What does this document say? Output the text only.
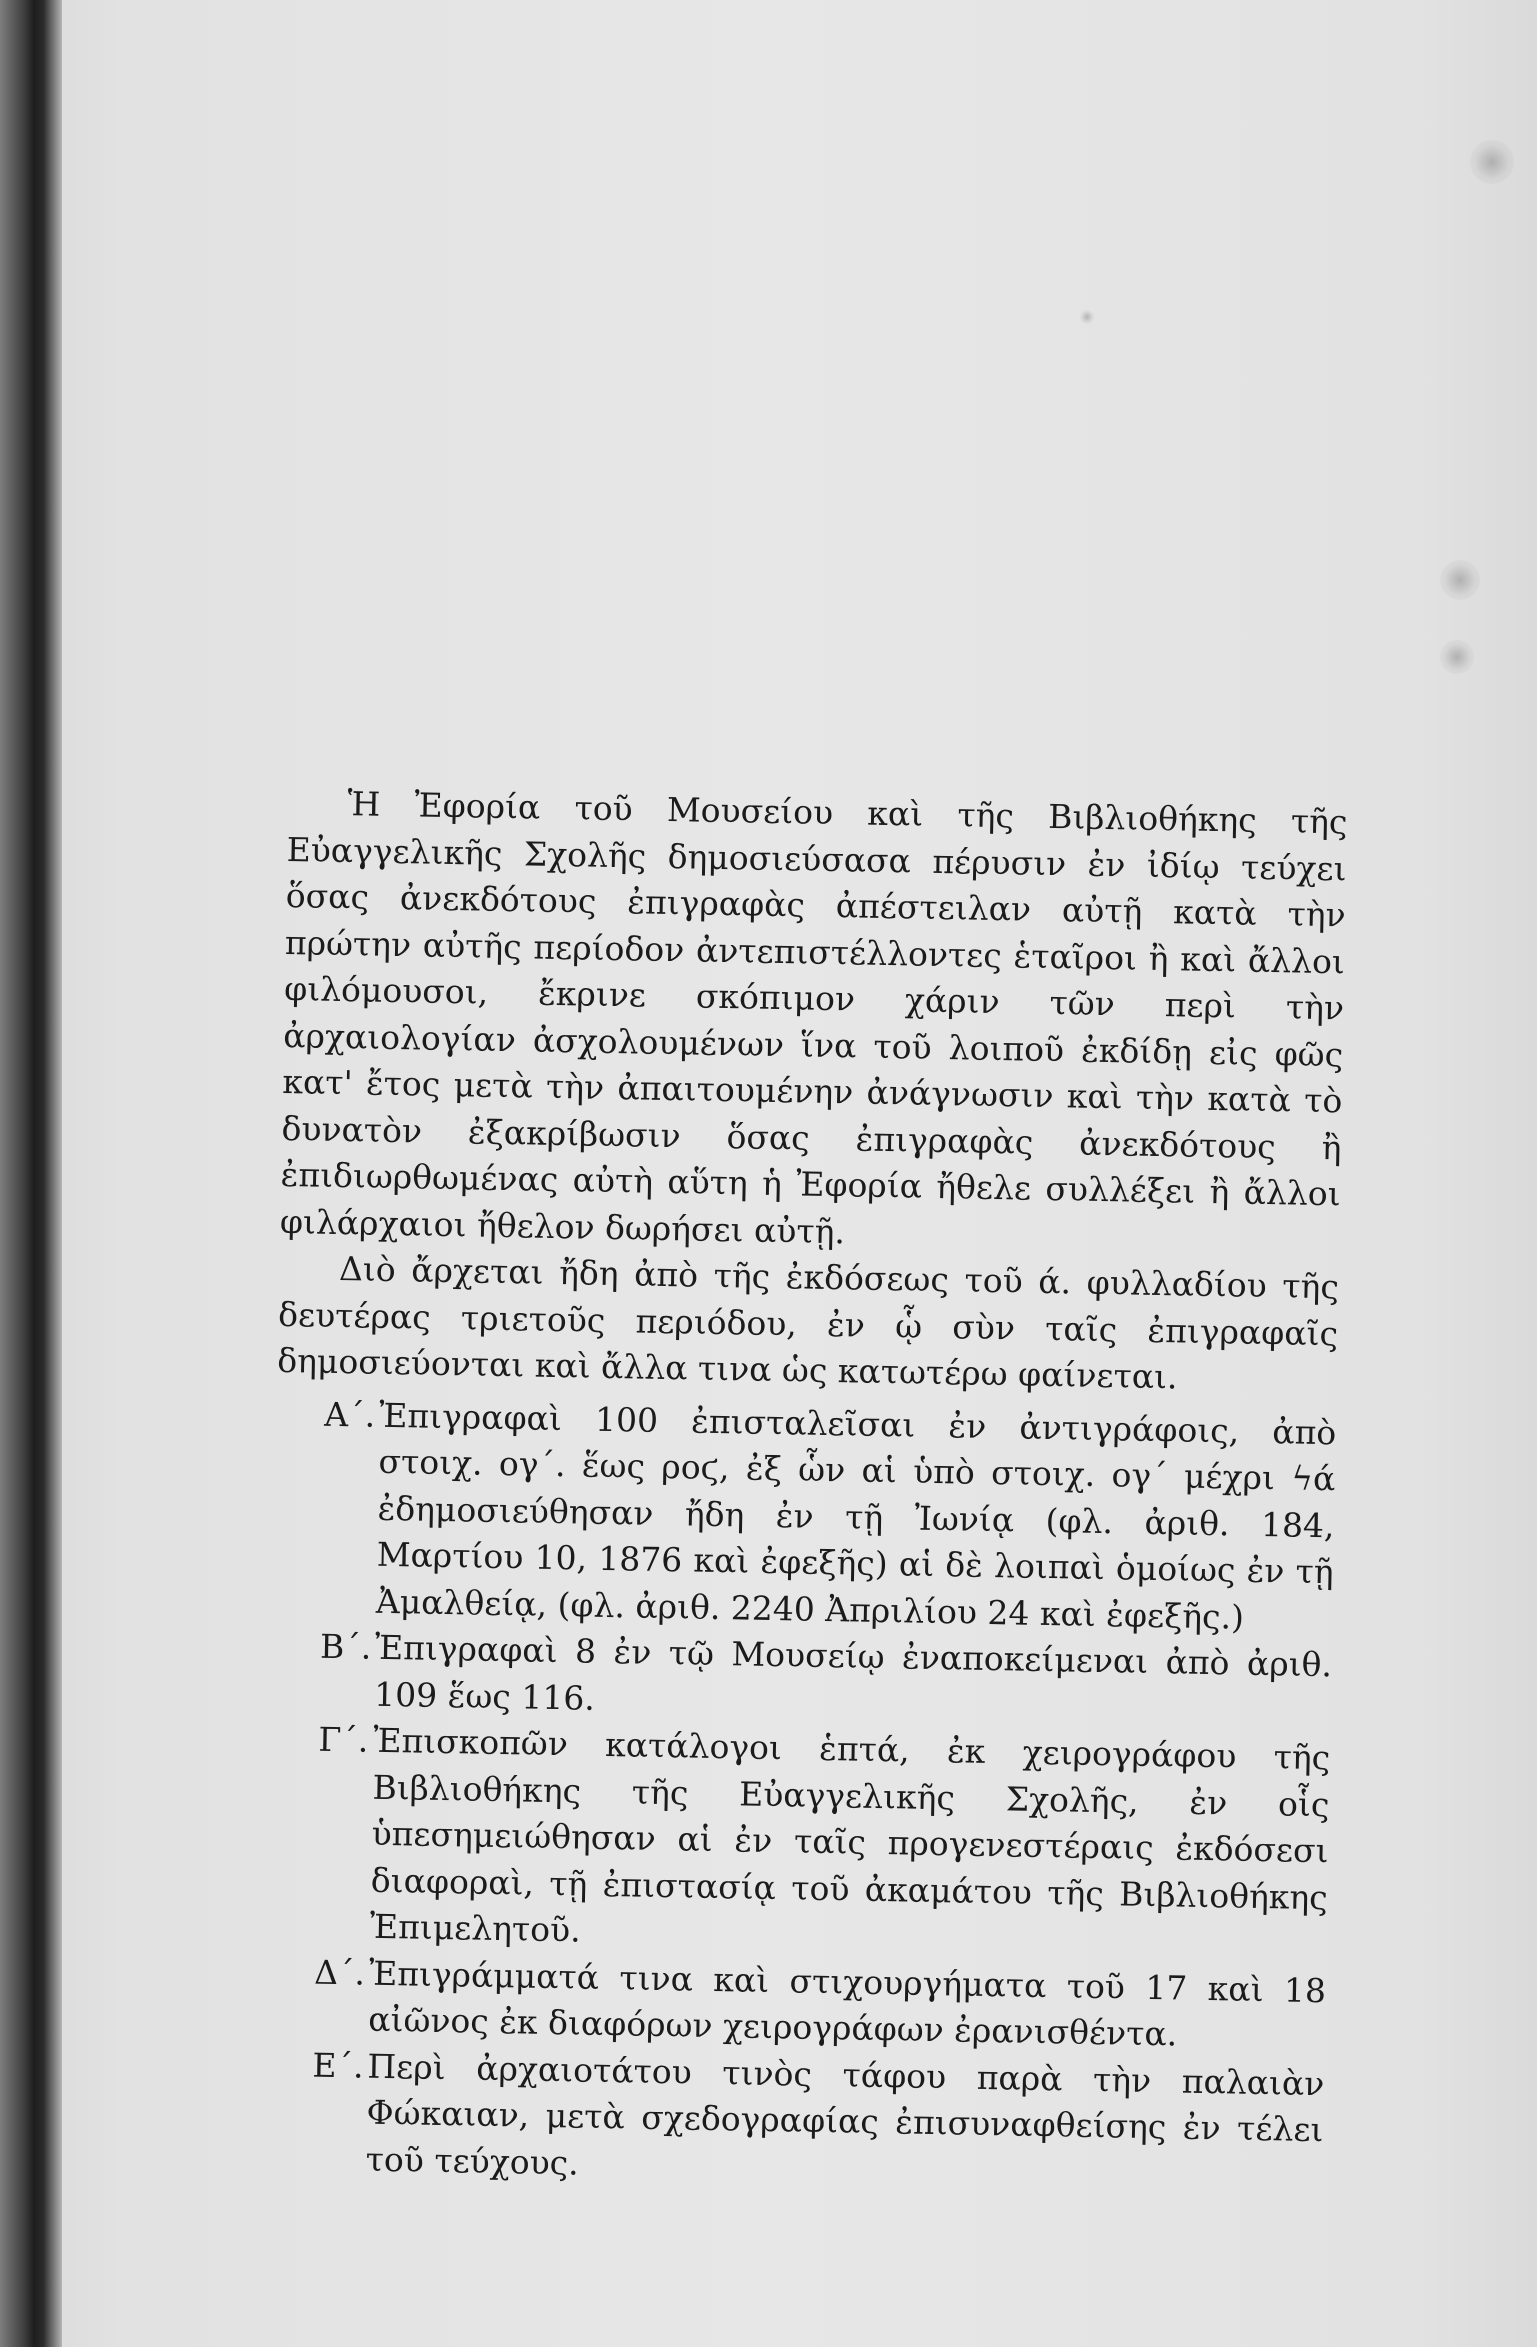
Ἡ Ἐφορία τοῦ Μουσείου καὶ τῆς Βιβλιοθήκης τῆς Εὐαγγελικῆς Σχολῆς δημοσιεύσασα πέρυσιν ἐν ἰδίῳ τεύχει ὅσας ἀνεκδότους ἐπιγραφὰς ἀπέστειλαν αὐτῇ κατὰ τὴν πρώτην αὐτῆς περίοδον ἀντεπιστέλλοντες ἑταῖροι ἢ καὶ ἄλλοι φιλόμουσοι, ἔκρινε σκόπιμον χάριν τῶν περὶ τὴν ἀρχαιολογίαν ἀσχολουμένων ἵνα τοῦ λοιποῦ ἐκδίδῃ εἰς φῶς κατ' ἔτος μετὰ τὴν ἀπαιτουμένην ἀνάγνωσιν καὶ τὴν κατὰ τὸ δυνατὸν ἐξακρίβωσιν ὅσας ἐπιγραφὰς ἀνεκδότους ἢ ἐπιδιωρθωμένας αὐτὴ αὕτη ἡ Ἐφορία ἤθελε συλλέξει ἢ ἄλλοι φιλάρχαιοι ἤθελον δωρήσει αὐτῇ.

Διὸ ἄρχεται ἤδη ἀπὸ τῆς ἐκδόσεως τοῦ ά. φυλλαδίου τῆς δευτέρας τριετοῦς περιόδου, ἐν ᾧ σὺν ταῖς ἐπιγραφαῖς δημοσιεύονται καὶ ἄλλα τινα ὡς κατωτέρω φαίνεται.

Α΄. Ἐπιγραφαὶ 100 ἐπισταλεῖσαι ἐν ἀντιγράφοις, ἀπὸ στοιχ. ογ΄. ἕως ρoϛ, ἐξ ὧν αἱ ὑπὸ στοιχ. ογ΄ μέχρι ϟά ἐδημοσιεύθησαν ἤδη ἐν τῇ Ἰωνίᾳ (φλ. ἀριθ. 184, Μαρτίου 10, 1876 καὶ ἐφεξῆς) αἱ δὲ λοιπαὶ ὁμοίως ἐν τῇ Ἀμαλθείᾳ, (φλ. ἀριθ. 2240 Ἀπριλίου 24 καὶ ἐφεξῆς.)
Β΄. Ἐπιγραφαὶ 8 ἐν τῷ Μουσείῳ ἐναποκείμεναι ἀπὸ ἀριθ. 109 ἕως 116.
Γ΄. Ἐπισκοπῶν κατάλογοι ἑπτά, ἐκ χειρογράφου τῆς Βιβλιοθήκης τῆς Εὐαγγελικῆς Σχολῆς, ἐν οἷς ὑπεσημειώθησαν αἱ ἐν ταῖς προγενεστέραις ἐκδόσεσι διαφοραὶ, τῇ ἐπιστασίᾳ τοῦ ἀκαμάτου τῆς Βιβλιοθήκης Ἐπιμελητοῦ.
Δ΄. Ἐπιγράμματά τινα καὶ στιχουργήματα τοῦ 17 καὶ 18 αἰῶνος ἐκ διαφόρων χειρογράφων ἐρανισθέντα.
Ε΄. Περὶ ἀρχαιοτάτου τινὸς τάφου παρὰ τὴν παλαιὰν Φώκαιαν, μετὰ σχεδογραφίας ἐπισυναφθείσης ἐν τέλει τοῦ τεύχους.
